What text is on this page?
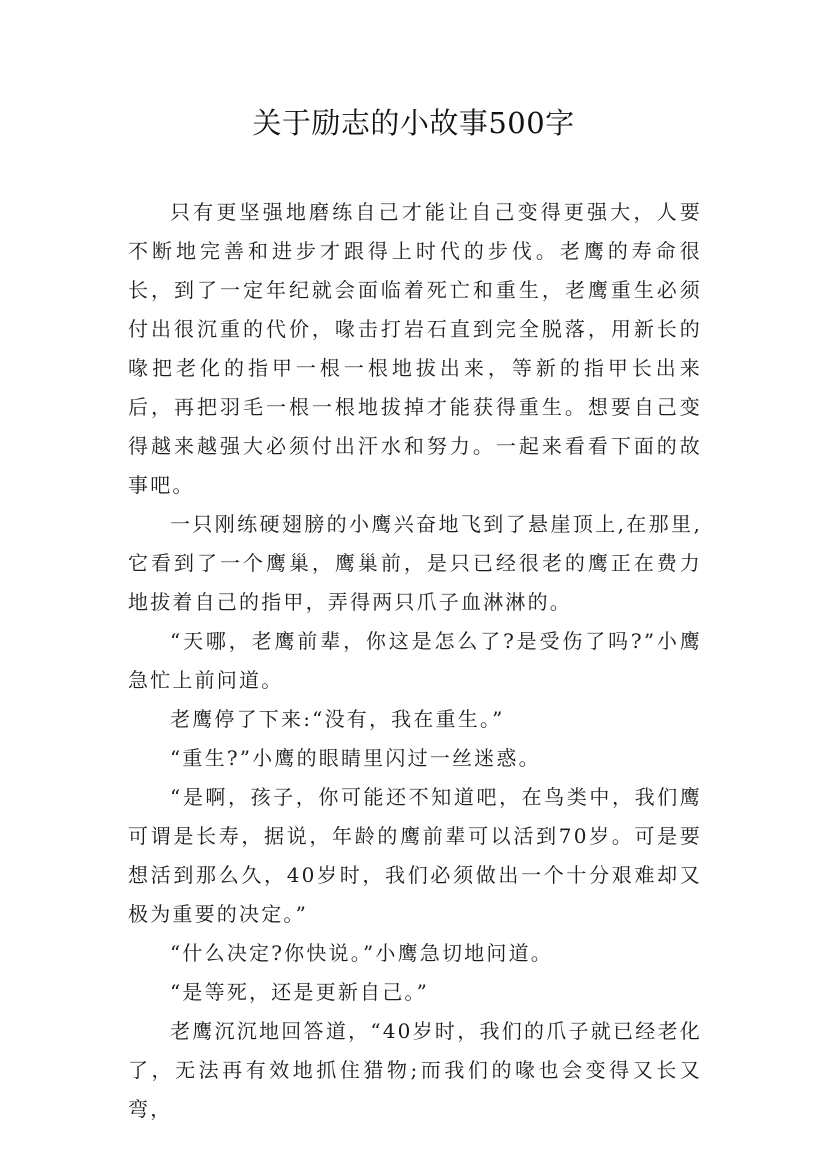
关于励志的小故事500字

只有更坚强地磨练自己才能让自己变得更强大，人要不断地完善和进步才跟得上时代的步伐。老鹰的寿命很长，到了一定年纪就会面临着死亡和重生，老鹰重生必须付出很沉重的代价，喙击打岩石直到完全脱落，用新长的喙把老化的指甲一根一根地拔出来，等新的指甲长出来后，再把羽毛一根一根地拔掉才能获得重生。想要自己变得越来越强大必须付出汗水和努力。一起来看看下面的故事吧。

一只刚练硬翅膀的小鹰兴奋地飞到了悬崖顶上,在那里,它看到了一个鹰巢，鹰巢前，是只已经很老的鹰正在费力地拔着自己的指甲，弄得两只爪子血淋淋的。

“天哪，老鹰前辈，你这是怎么了?是受伤了吗?”小鹰急忙上前问道。

老鹰停了下来:“没有，我在重生。”

“重生?”小鹰的眼睛里闪过一丝迷惑。

“是啊，孩子，你可能还不知道吧，在鸟类中，我们鹰可谓是长寿，据说，年龄的鹰前辈可以活到70岁。可是要想活到那么久，40岁时，我们必须做出一个十分艰难却又极为重要的决定。”

“什么决定?你快说。”小鹰急切地问道。

“是等死，还是更新自己。”

老鹰沉沉地回答道，“40岁时，我们的爪子就已经老化了，无法再有效地抓住猎物;而我们的喙也会变得又长又弯，
